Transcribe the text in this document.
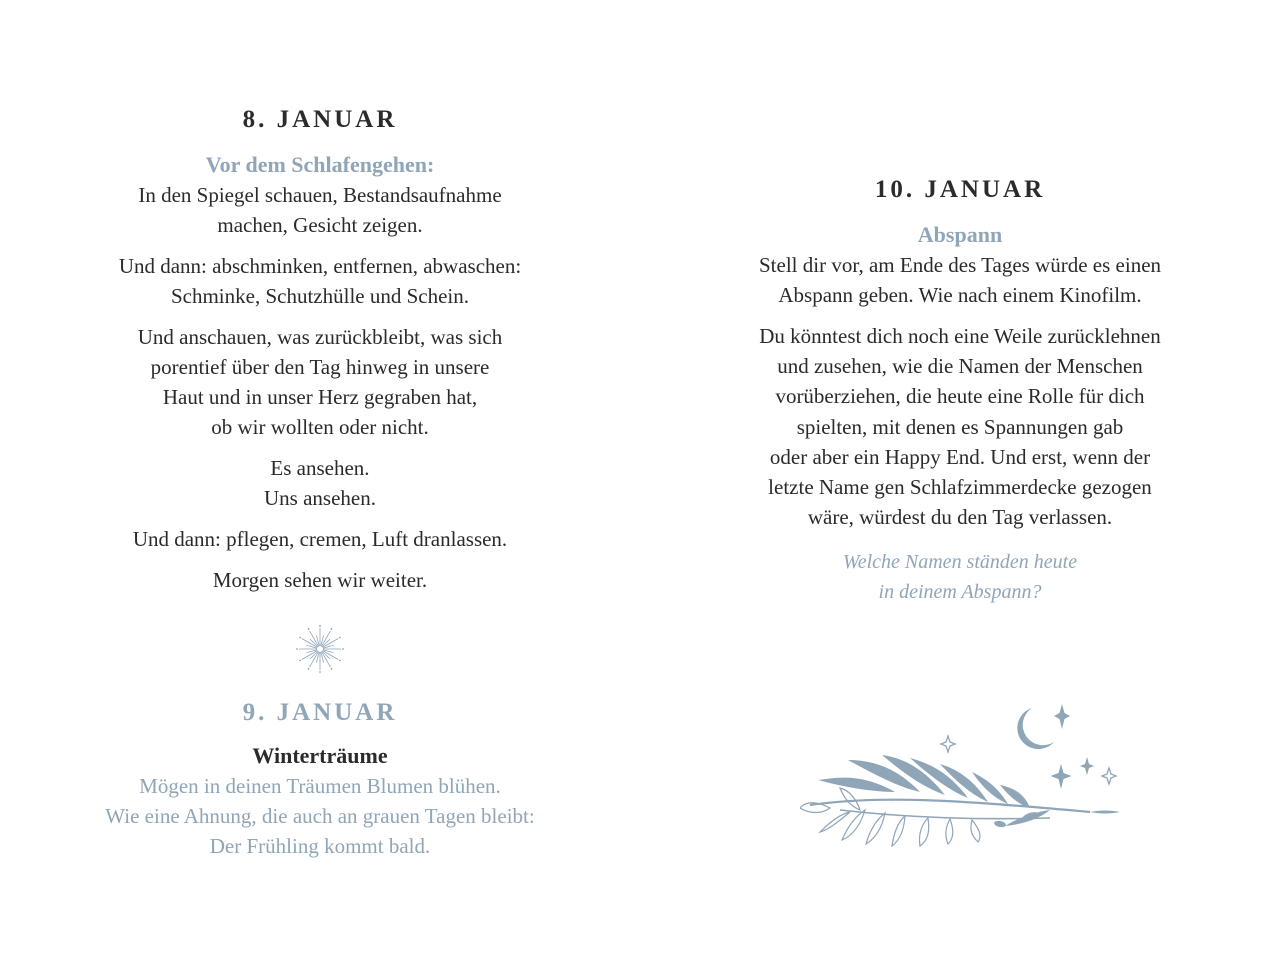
8. JANUAR
Vor dem Schlafengehen:

In den Spiegel schauen, Bestandsaufnahme
machen, Gesicht zeigen.

Und dann: abschminken, entfernen, abwaschen:
Schminke, Schutzhülle und Schein.

Und anschauen, was zurückbleibt, was sich
porentief über den Tag hinweg in unsere
Haut und in unser Herz gegraben hat,
ob wir wollten oder nicht.

Es ansehen.
Uns ansehen.

Und dann: pflegen, cremen, Luft dranlassen.

Morgen sehen wir weiter.

9. JANUAR
Winterträume

Mögen in deinen Träumen Blumen blühen.
Wie eine Ahnung, die auch an grauen Tagen bleibt:
Der Frühling kommt bald.

10. JANUAR
Abspann

Stell dir vor, am Ende des Tages würde es einen
Abspann geben. Wie nach einem Kinofilm.

Du könntest dich noch eine Weile zurücklehnen
und zusehen, wie die Namen der Menschen
vorüberziehen, die heute eine Rolle für dich
spielten, mit denen es Spannungen gab
oder aber ein Happy End. Und erst, wenn der
letzte Name gen Schlafzimmerdecke gezogen
wäre, würdest du den Tag verlassen.

Welche Namen ständen heute
in deinem Abspann?
